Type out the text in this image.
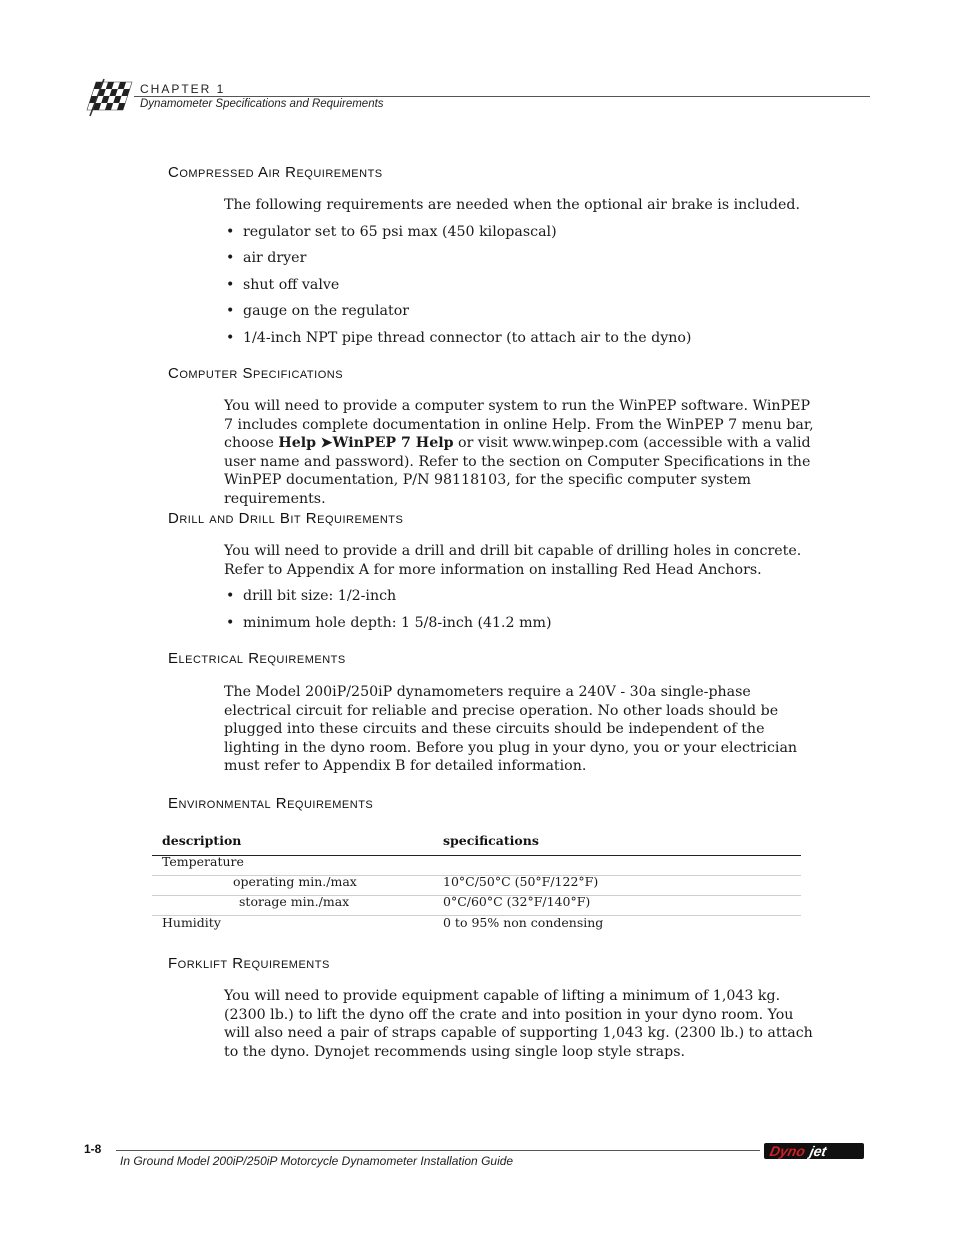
CHAPTER 1
Dynamometer Specifications and Requirements
Compressed Air Requirements

The following requirements are needed when the optional air brake is included.

• regulator set to 65 psi max (450 kilopascal)
• air dryer
• shut off valve
• gauge on the regulator
• 1/4-inch NPT pipe thread connector (to attach air to the dyno)
Computer Specifications

You will need to provide a computer system to run the WinPEP software. WinPEP 7 includes complete documentation in online Help. From the WinPEP 7 menu bar, choose Help ➤WinPEP 7 Help or visit www.winpep.com (accessible with a valid user name and password). Refer to the section on Computer Specifications in the WinPEP documentation, P/N 98118103, for the specific computer system requirements.

Drill and Drill Bit Requirements

You will need to provide a drill and drill bit capable of drilling holes in concrete. Refer to Appendix A for more information on installing Red Head Anchors.

• drill bit size: 1/2-inch
• minimum hole depth: 1 5/8-inch (41.2 mm)
Electrical Requirements

The Model 200iP/250iP dynamometers require a 240V - 30a single-phase electrical circuit for reliable and precise operation. No other loads should be plugged into these circuits and these circuits should be independent of the lighting in the dyno room. Before you plug in your dyno, you or your electrician must refer to Appendix B for detailed information.

Environmental Requirements
description	specifications
Temperature
operating min./max	10°C/50°C (50°F/122°F)
storage min./max	0°C/60°C (32°F/140°F)
Humidity	0 to 95% non condensing
Forklift Requirements

You will need to provide equipment capable of lifting a minimum of 1,043 kg. (2300 lb.) to lift the dyno off the crate and into position in your dyno room. You will also need a pair of straps capable of supporting 1,043 kg. (2300 lb.) to attach to the dyno. Dynojet recommends using single loop style straps.

1-8
In Ground Model 200iP/250iP Motorcycle Dynamometer Installation Guide
Dyno jet
